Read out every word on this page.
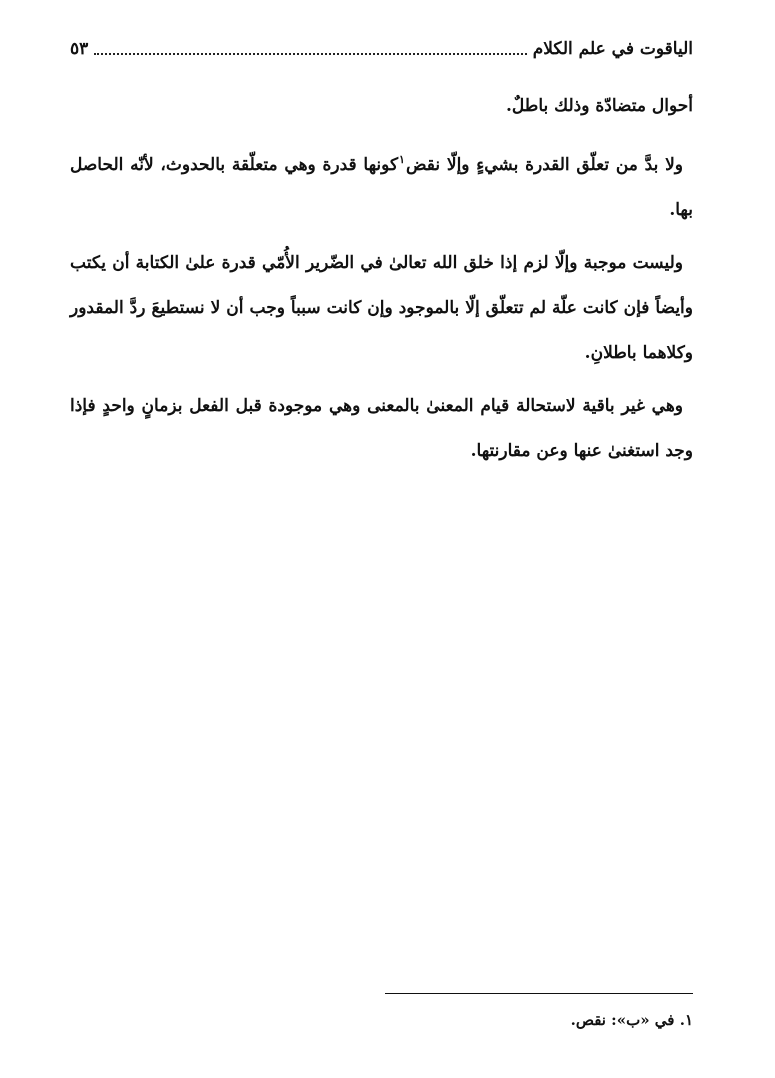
الياقوت في علم الكلام
٥٣

أحوال متضادّة وذلك باطلٌ.

ولا بدَّ من تعلّق القدرة بشيءٍ وإلّا نقض$^١$كونها قدرة وهي متعلّقة بالحدوث، لأنّه الحاصل بها.

وليست موجبة وإلّا لزم إذا خلق الله تعالىٰ في الضّرير الأُمّي قدرة علىٰ الكتابة أن يكتب وأيضاً فإن كانت علّة لم تتعلّق إلّا بالموجود وإن كانت سبباً وجب أن لا نستطيعَ ردَّ المقدور وكلاهما باطلانِ.

وهي غير باقية لاستحالة قيام المعنىٰ بالمعنى وهي موجودة قبل الفعل بزمانٍ واحدٍ فإذا وجد استغنىٰ عنها وعن مقارنتها.

١. في «ب»: نقص.
